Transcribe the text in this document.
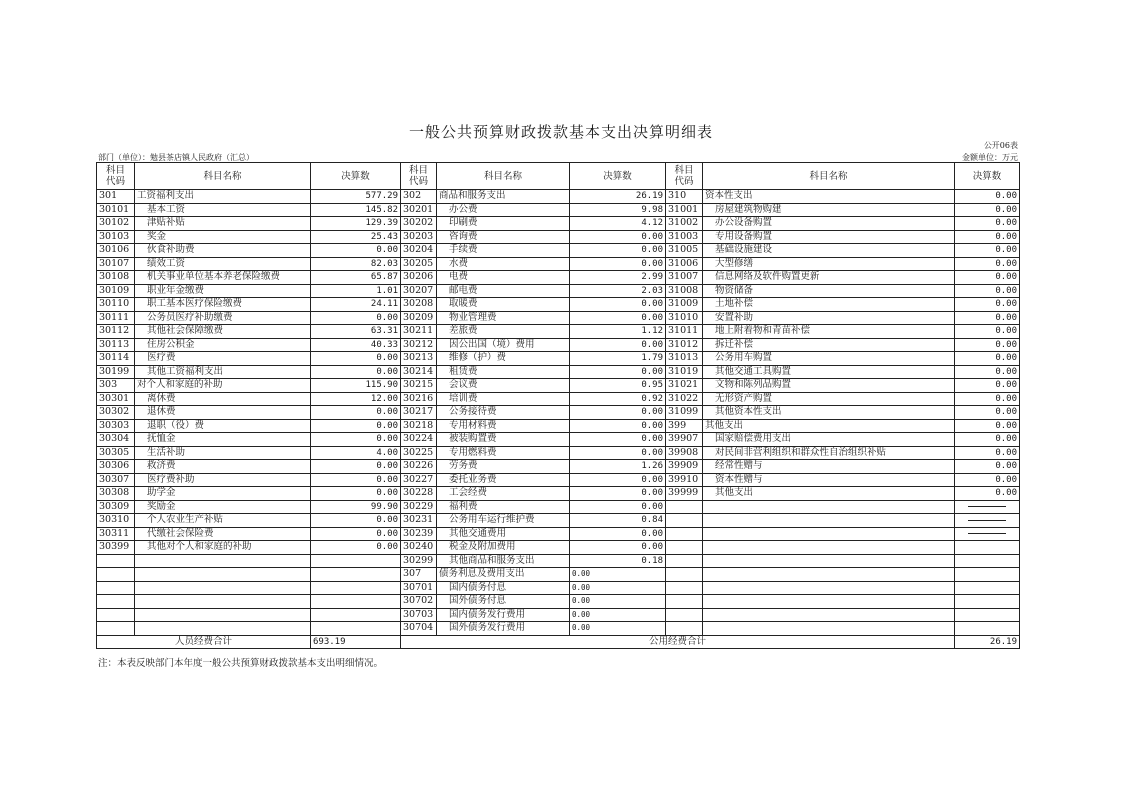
一般公共预算财政拨款基本支出决算明细表
公开06表
部门（单位）：勉县茶店镇人民政府（汇总）	金额单位：万元
科目
代码	科目名称	决算数	科目
代码	科目名称	决算数	科目
代码	科目名称	决算数
301	工资福利支出	577.29	302	商品和服务支出	26.19	310	资本性支出	0.00
30101	基本工资	145.82	30201	办公费	9.98	31001	房屋建筑物购建	0.00
30102	津贴补贴	129.39	30202	印刷费	4.12	31002	办公设备购置	0.00
30103	奖金	25.43	30203	咨询费	0.00	31003	专用设备购置	0.00
30106	伙食补助费	0.00	30204	手续费	0.00	31005	基础设施建设	0.00
30107	绩效工资	82.03	30205	水费	0.00	31006	大型修缮	0.00
30108	机关事业单位基本养老保险缴费	65.87	30206	电费	2.99	31007	信息网络及软件购置更新	0.00
30109	职业年金缴费	1.01	30207	邮电费	2.03	31008	物资储备	0.00
30110	职工基本医疗保险缴费	24.11	30208	取暖费	0.00	31009	土地补偿	0.00
30111	公务员医疗补助缴费	0.00	30209	物业管理费	0.00	31010	安置补助	0.00
30112	其他社会保障缴费	63.31	30211	差旅费	1.12	31011	地上附着物和青苗补偿	0.00
30113	住房公积金	40.33	30212	因公出国（境）费用	0.00	31012	拆迁补偿	0.00
30114	医疗费	0.00	30213	维修（护）费	1.79	31013	公务用车购置	0.00
30199	其他工资福利支出	0.00	30214	租赁费	0.00	31019	其他交通工具购置	0.00
303	对个人和家庭的补助	115.90	30215	会议费	0.95	31021	文物和陈列品购置	0.00
30301	离休费	12.00	30216	培训费	0.92	31022	无形资产购置	0.00
30302	退休费	0.00	30217	公务接待费	0.00	31099	其他资本性支出	0.00
30303	退职（役）费	0.00	30218	专用材料费	0.00	399	其他支出	0.00
30304	抚恤金	0.00	30224	被装购置费	0.00	39907	国家赔偿费用支出	0.00
30305	生活补助	4.00	30225	专用燃料费	0.00	39908	对民间非营利组织和群众性自治组织补贴	0.00
30306	救济费	0.00	30226	劳务费	1.26	39909	经常性赠与	0.00
30307	医疗费补助	0.00	30227	委托业务费	0.00	39910	资本性赠与	0.00
30308	助学金	0.00	30228	工会经费	0.00	39999	其他支出	0.00
30309	奖励金	99.90	30229	福利费	0.00			

30310	个人农业生产补贴	0.00	30231	公务用车运行维护费	0.84			

30311	代缴社会保险费	0.00	30239	其他交通费用	0.00			

30399	其他对个人和家庭的补助	0.00	30240	税金及附加费用	0.00			
			30299	其他商品和服务支出	0.18			
			307	债务利息及费用支出	0.00			
			30701	国内债务付息	0.00			
			30702	国外债务付息	0.00			
			30703	国内债务发行费用	0.00			
			30704	国外债务发行费用	0.00			
人员经费合计		693.19	公用经费合计					26.19
注：本表反映部门本年度一般公共预算财政拨款基本支出明细情况。
